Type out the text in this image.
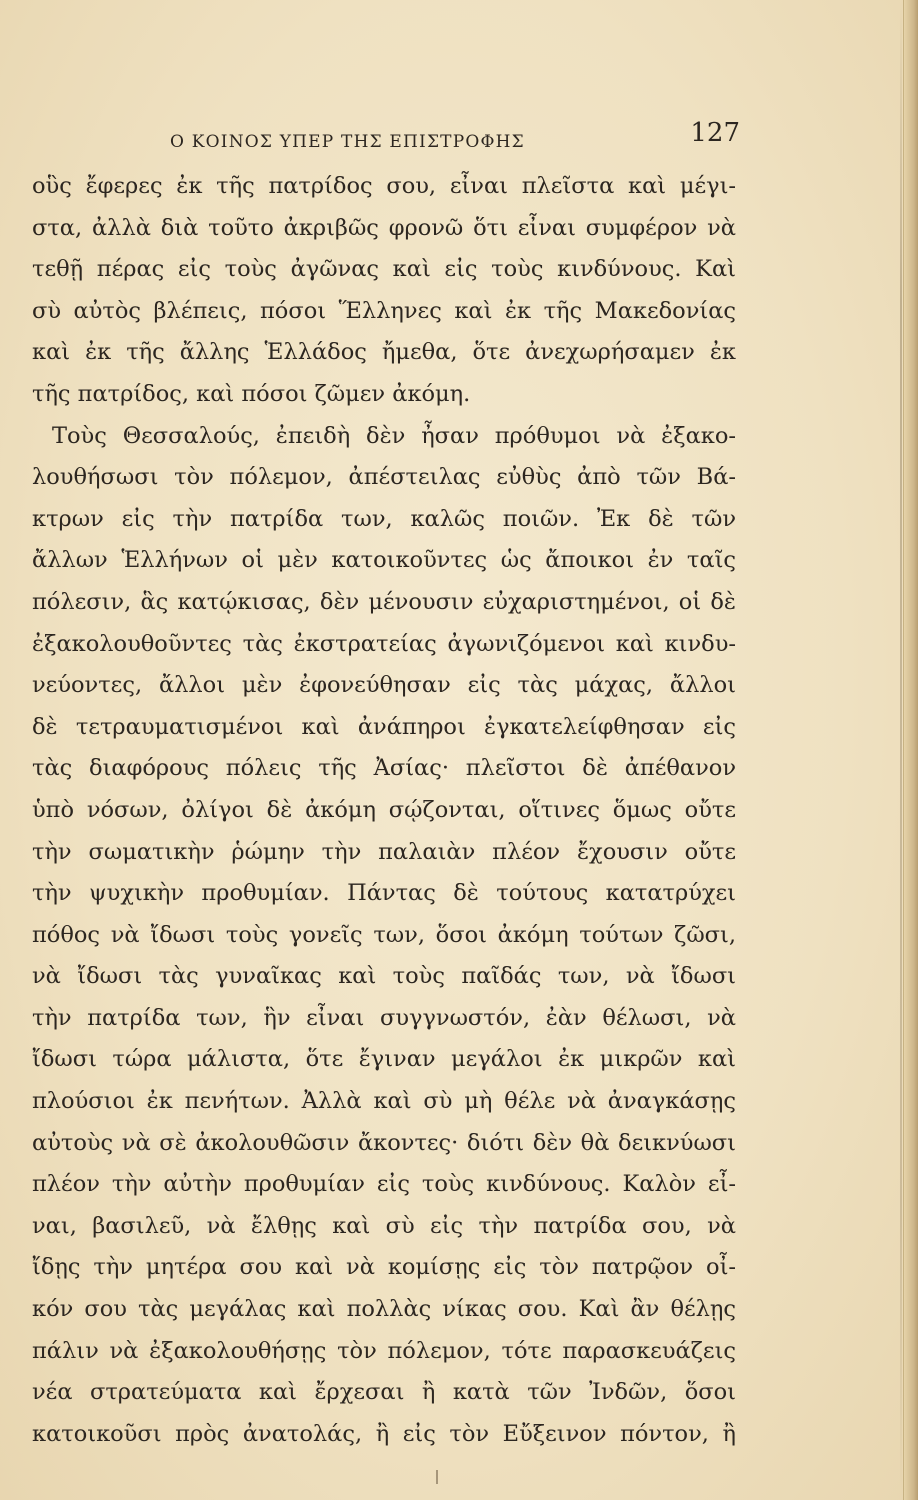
Ο ΚΟΙΝΟΣ ΥΠΕΡ ΤΗΣ ΕΠΙΣΤΡΟΦΗΣ	127
οὓς ἔφερες ἐκ τῆς πατρίδος σου, εἶναι πλεῖστα καὶ μέγι-
στα, ἀλλὰ διὰ τοῦτο ἀκριβῶς φρονῶ ὅτι εἶναι συμφέρον νὰ
τεθῇ πέρας εἰς τοὺς ἀγῶνας καὶ εἰς τοὺς κινδύνους. Καὶ
σὺ αὐτὸς βλέπεις, πόσοι Ἕλληνες καὶ ἐκ τῆς Μακεδονίας
καὶ ἐκ τῆς ἄλλης Ἑλλάδος ἤμεθα, ὅτε ἀνεχωρήσαμεν ἐκ
τῆς πατρίδος, καὶ πόσοι ζῶμεν ἀκόμη.
Τοὺς Θεσσαλούς, ἐπειδὴ δὲν ἦσαν πρόθυμοι νὰ ἐξακο-
λουθήσωσι τὸν πόλεμον, ἀπέστειλας εὐθὺς ἀπὸ τῶν Βά-
κτρων εἰς τὴν πατρίδα των, καλῶς ποιῶν. Ἐκ δὲ τῶν
ἄλλων Ἑλλήνων οἱ μὲν κατοικοῦντες ὡς ἄποικοι ἐν ταῖς
πόλεσιν, ἃς κατῴκισας, δὲν μένουσιν εὐχαριστημένοι, οἱ δὲ
ἐξακολουθοῦντες τὰς ἐκστρατείας ἀγωνιζόμενοι καὶ κινδυ-
νεύοντες, ἄλλοι μὲν ἐφονεύθησαν εἰς τὰς μάχας, ἄλλοι
δὲ τετραυματισμένοι καὶ ἀνάπηροι ἐγκατελείφθησαν εἰς
τὰς διαφόρους πόλεις τῆς Ἀσίας· πλεῖστοι δὲ ἀπέθανον
ὑπὸ νόσων, ὀλίγοι δὲ ἀκόμη σῴζονται, οἵτινες ὅμως οὔτε
τὴν σωματικὴν ῥώμην τὴν παλαιὰν πλέον ἔχουσιν οὔτε
τὴν ψυχικὴν προθυμίαν. Πάντας δὲ τούτους κατατρύχει
πόθος νὰ ἴδωσι τοὺς γονεῖς των, ὅσοι ἀκόμη τούτων ζῶσι,
νὰ ἴδωσι τὰς γυναῖκας καὶ τοὺς παῖδάς των, νὰ ἴδωσι
τὴν πατρίδα των, ἣν εἶναι συγγνωστόν, ἐὰν θέλωσι, νὰ
ἴδωσι τώρα μάλιστα, ὅτε ἔγιναν μεγάλοι ἐκ μικρῶν καὶ
πλούσιοι ἐκ πενήτων. Ἀλλὰ καὶ σὺ μὴ θέλε νὰ ἀναγκάσῃς
αὐτοὺς νὰ σὲ ἀκολουθῶσιν ἄκοντες· διότι δὲν θὰ δεικνύωσι
πλέον τὴν αὐτὴν προθυμίαν εἰς τοὺς κινδύνους. Καλὸν εἶ-
ναι, βασιλεῦ, νὰ ἔλθῃς καὶ σὺ εἰς τὴν πατρίδα σου, νὰ
ἴδῃς τὴν μητέρα σου καὶ νὰ κομίσῃς εἰς τὸν πατρῷον οἶ-
κόν σου τὰς μεγάλας καὶ πολλὰς νίκας σου. Καὶ ἂν θέλῃς
πάλιν νὰ ἐξακολουθήσῃς τὸν πόλεμον, τότε παρασκευάζεις
νέα στρατεύματα καὶ ἔρχεσαι ἢ κατὰ τῶν Ἰνδῶν, ὅσοι
κατοικοῦσι πρὸς ἀνατολάς, ἢ εἰς τὸν Εὔξεινον πόντον, ἢ
